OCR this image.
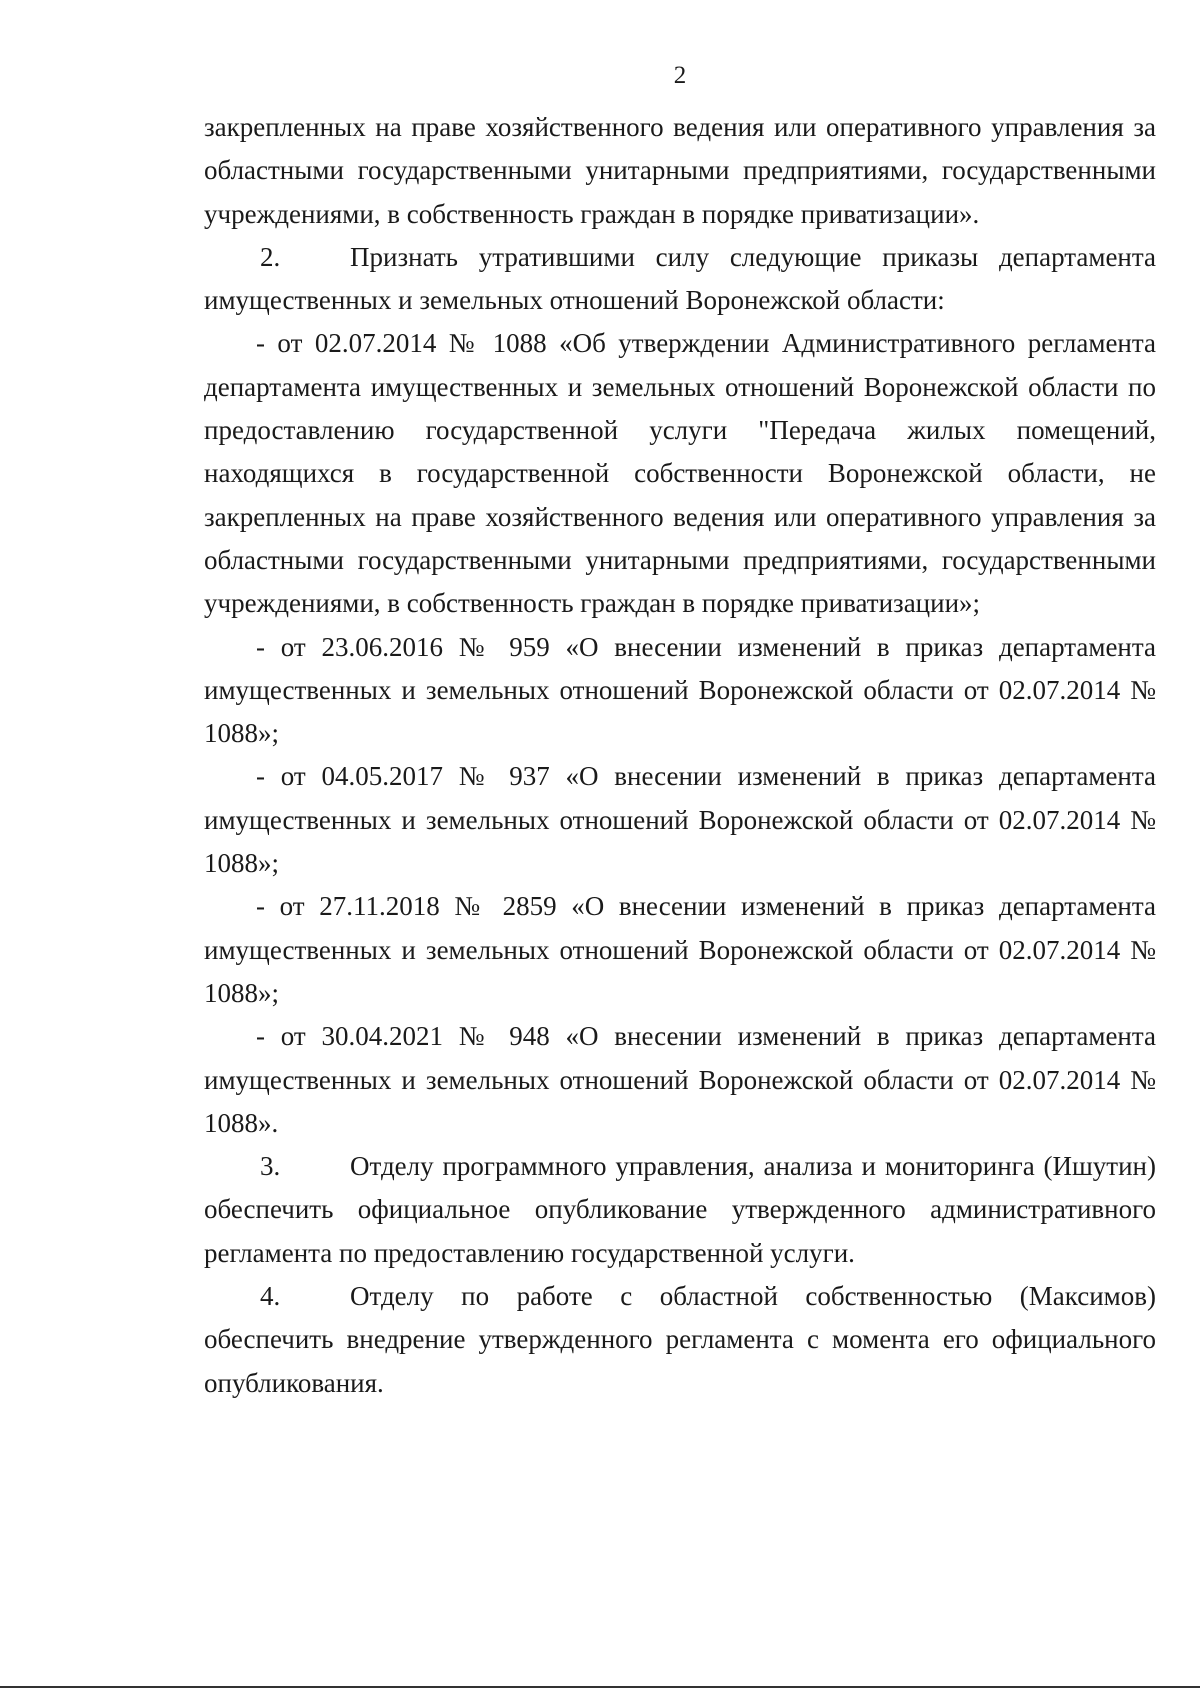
2

закрепленных на праве хозяйственного ведения или оперативного управления за областными государственными унитарными предприятиями, государственными учреждениями, в собственность граждан в порядке приватизации».

2.	Признать утратившими силу следующие приказы департамента имущественных и земельных отношений Воронежской области:

- от 02.07.2014 № 1088 «Об утверждении Административного регламента департамента имущественных и земельных отношений Воронежской области по предоставлению государственной услуги "Передача жилых помещений, находящихся в государственной собственности Воронежской области, не закрепленных на праве хозяйственного ведения или оперативного управления за областными государственными унитарными предприятиями, государственными учреждениями, в собственность граждан в порядке приватизации»;

- от 23.06.2016 № 959 «О внесении изменений в приказ департамента имущественных и земельных отношений Воронежской области от 02.07.2014 № 1088»;

- от 04.05.2017 № 937 «О внесении изменений в приказ департамента имущественных и земельных отношений Воронежской области от 02.07.2014 № 1088»;

- от 27.11.2018 № 2859 «О внесении изменений в приказ департамента имущественных и земельных отношений Воронежской области от 02.07.2014 № 1088»;

- от 30.04.2021 № 948 «О внесении изменений в приказ департамента имущественных и земельных отношений Воронежской области от 02.07.2014 № 1088».

3.	Отделу программного управления, анализа и мониторинга (Ишутин) обеспечить официальное опубликование утвержденного административного регламента по предоставлению государственной услуги.

4.	Отделу по работе с областной собственностью (Максимов) обеспечить внедрение утвержденного регламента с момента его официального опубликования.
